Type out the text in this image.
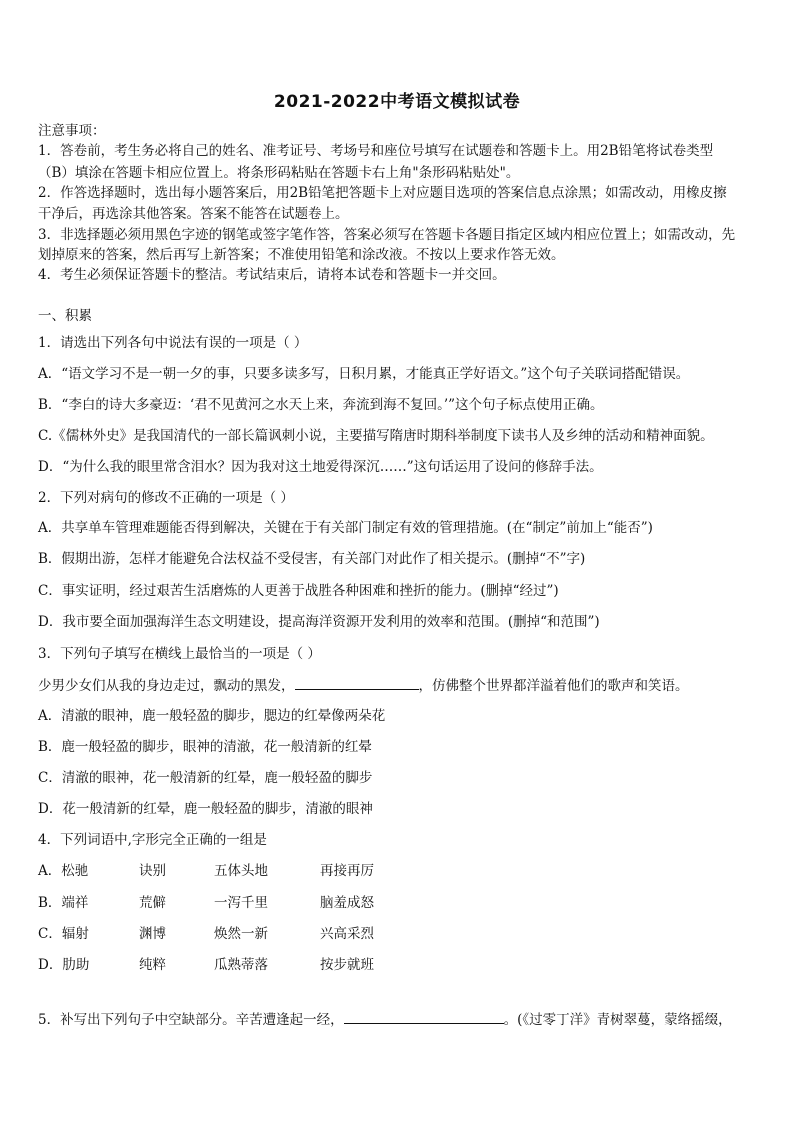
2021-2022中考语文模拟试卷
注意事项：
1．答卷前，考生务必将自己的姓名、准考证号、考场号和座位号填写在试题卷和答题卡上。用2B铅笔将试卷类型
（B）填涂在答题卡相应位置上。将条形码粘贴在答题卡右上角"条形码粘贴处"。
2．作答选择题时，选出每小题答案后，用2B铅笔把答题卡上对应题目选项的答案信息点涂黑；如需改动，用橡皮擦
干净后，再选涂其他答案。答案不能答在试题卷上。
3．非选择题必须用黑色字迹的钢笔或签字笔作答，答案必须写在答题卡各题目指定区域内相应位置上；如需改动，先
划掉原来的答案，然后再写上新答案；不准使用铅笔和涂改液。不按以上要求作答无效。
4．考生必须保证答题卡的整洁。考试结束后，请将本试卷和答题卡一并交回。
一、积累
1．请选出下列各句中说法有误的一项是（ ）
A．“语文学习不是一朝一夕的事，只要多读多写，日积月累，才能真正学好语文。”这个句子关联词搭配错误。
B．“李白的诗大多豪迈：‘君不见黄河之水天上来，奔流到海不复回。’”这个句子标点使用正确。
C.《儒林外史》是我国清代的一部长篇讽刺小说，主要描写隋唐时期科举制度下读书人及乡绅的活动和精神面貌。
D．“为什么我的眼里常含泪水？因为我对这土地爱得深沉……”这句话运用了设问的修辞手法。
2．下列对病句的修改不正确的一项是（ ）
A．共享单车管理难题能否得到解决，关键在于有关部门制定有效的管理措施。(在“制定”前加上“能否”)
B．假期出游，怎样才能避免合法权益不受侵害，有关部门对此作了相关提示。(删掉“不”字)
C．事实证明，经过艰苦生活磨炼的人更善于战胜各种困难和挫折的能力。(删掉“经过”)
D．我市要全面加强海洋生态文明建设，提高海洋资源开发利用的效率和范围。(删掉“和范围”)
3．下列句子填写在横线上最恰当的一项是（ ）
少男少女们从我的身边走过，飘动的黑发，	，仿佛整个世界都洋溢着他们的歌声和笑语。
A．清澈的眼神，鹿一般轻盈的脚步，腮边的红晕像两朵花
B．鹿一般轻盈的脚步，眼神的清澈，花一般清新的红晕
C．清澈的眼神，花一般清新的红晕，鹿一般轻盈的脚步
D．花一般清新的红晕，鹿一般轻盈的脚步，清澈的眼神
4．下列词语中,字形完全正确的一组是
A．松驰	诀别	五体头地	再接再厉
B．端祥	荒僻	一泻千里	脑羞成怒
C．辐射	渊博	焕然一新	兴高采烈
D．肋助	纯粹	瓜熟蒂落	按步就班
5．补写出下列句子中空缺部分。辛苦遭逢起一经，	。(《过零丁洋》青树翠蔓，蒙络摇缀，
